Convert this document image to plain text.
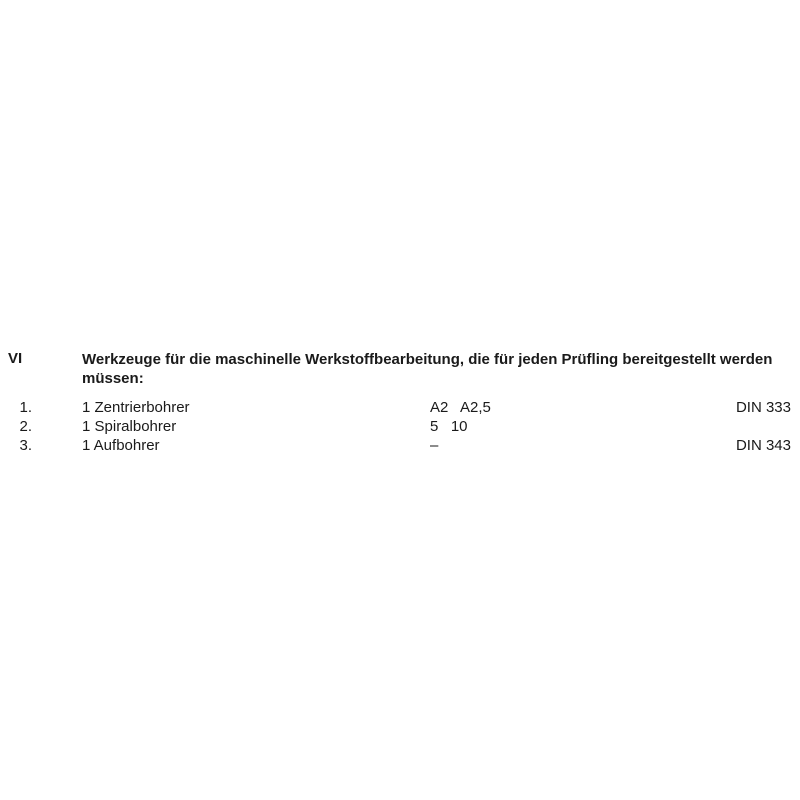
VI	Werkzeuge für die maschinelle Werkstoffbearbeitung, die für jeden Prüfling bereitgestellt werden müssen:
1.	1 Zentrierbohrer	A2   A2,5	DIN 333
2.	1 Spiralbohrer	5   10
3.	1 Aufbohrer	–	DIN 343
